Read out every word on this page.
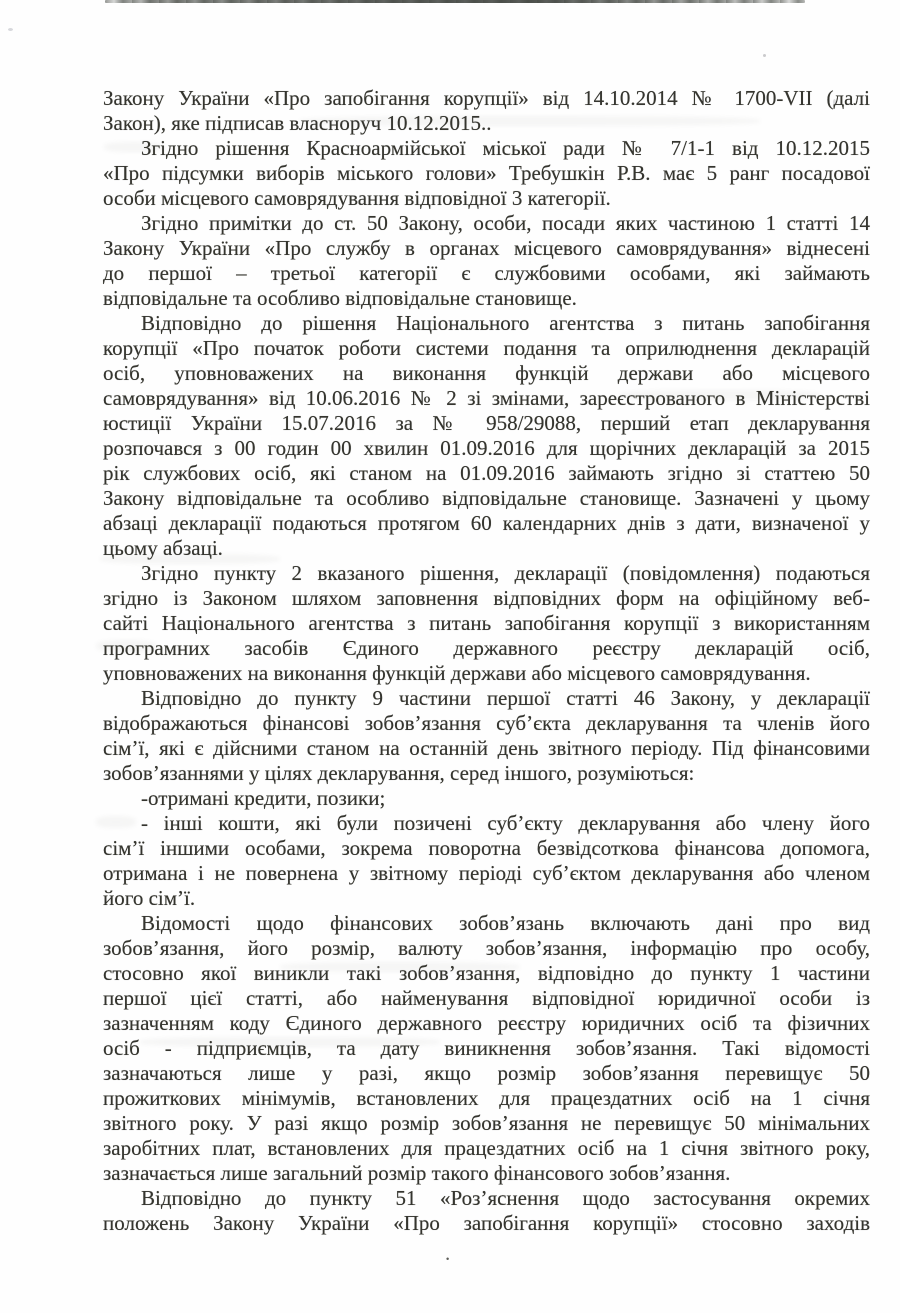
Закону України «Про запобігання корупції» від 14.10.2014 № 1700-VII (далі
Закон), яке підписав власноруч 10.12.2015..
Згідно рішення Красноармійської міської ради № 7/1-1 від 10.12.2015
«Про підсумки виборів міського голови» Требушкін Р.В. має 5 ранг посадової
особи місцевого самоврядування відповідної 3 категорії.
Згідно примітки до ст. 50 Закону, особи, посади яких частиною 1 статті 14
Закону України «Про службу в органах місцевого самоврядування» віднесені
до першої – третьої категорії є службовими особами, які займають
відповідальне та особливо відповідальне становище.
Відповідно до рішення Національного агентства з питань запобігання
корупції «Про початок роботи системи подання та оприлюднення декларацій
осіб, уповноважених на виконання функцій держави або місцевого
самоврядування» від 10.06.2016 № 2 зі змінами, зареєстрованого в Міністерстві
юстиції України 15.07.2016 за № 958/29088, перший етап декларування
розпочався з 00 годин 00 хвилин 01.09.2016 для щорічних декларацій за 2015
рік службових осіб, які станом на 01.09.2016 займають згідно зі статтею 50
Закону відповідальне та особливо відповідальне становище. Зазначені у цьому
абзаці декларації подаються протягом 60 календарних днів з дати, визначеної у
цьому абзаці.
Згідно пункту 2 вказаного рішення, декларації (повідомлення) подаються
згідно із Законом шляхом заповнення відповідних форм на офіційному веб-
сайті Національного агентства з питань запобігання корупції з використанням
програмних засобів Єдиного державного реєстру декларацій осіб,
уповноважених на виконання функцій держави або місцевого самоврядування.
Відповідно до пункту 9 частини першої статті 46 Закону, у декларації
відображаються фінансові зобов’язання суб’єкта декларування та членів його
сім’ї, які є дійсними станом на останній день звітного періоду. Під фінансовими
зобов’язаннями у цілях декларування, серед іншого, розуміються:
-отримані кредити, позики;
- інші кошти, які були позичені суб’єкту декларування або члену його
сім’ї іншими особами, зокрема поворотна безвідсоткова фінансова допомога,
отримана і не повернена у звітному періоді суб’єктом декларування або членом
його сім’ї.
Відомості щодо фінансових зобов’язань включають дані про вид
зобов’язання, його розмір, валюту зобов’язання, інформацію про особу,
стосовно якої виникли такі зобов’язання, відповідно до пункту 1 частини
першої цієї статті, або найменування відповідної юридичної особи із
зазначенням коду Єдиного державного реєстру юридичних осіб та фізичних
осіб - підприємців, та дату виникнення зобов’язання. Такі відомості
зазначаються лише у разі, якщо розмір зобов’язання перевищує 50
прожиткових мінімумів, встановлених для працездатних осіб на 1 січня
звітного року. У разі якщо розмір зобов’язання не перевищує 50 мінімальних
заробітних плат, встановлених для працездатних осіб на 1 січня звітного року,
зазначається лише загальний розмір такого фінансового зобов’язання.
Відповідно до пункту 51 «Роз’яснення щодо застосування окремих
положень Закону України «Про запобігання корупції» стосовно заходів
.
